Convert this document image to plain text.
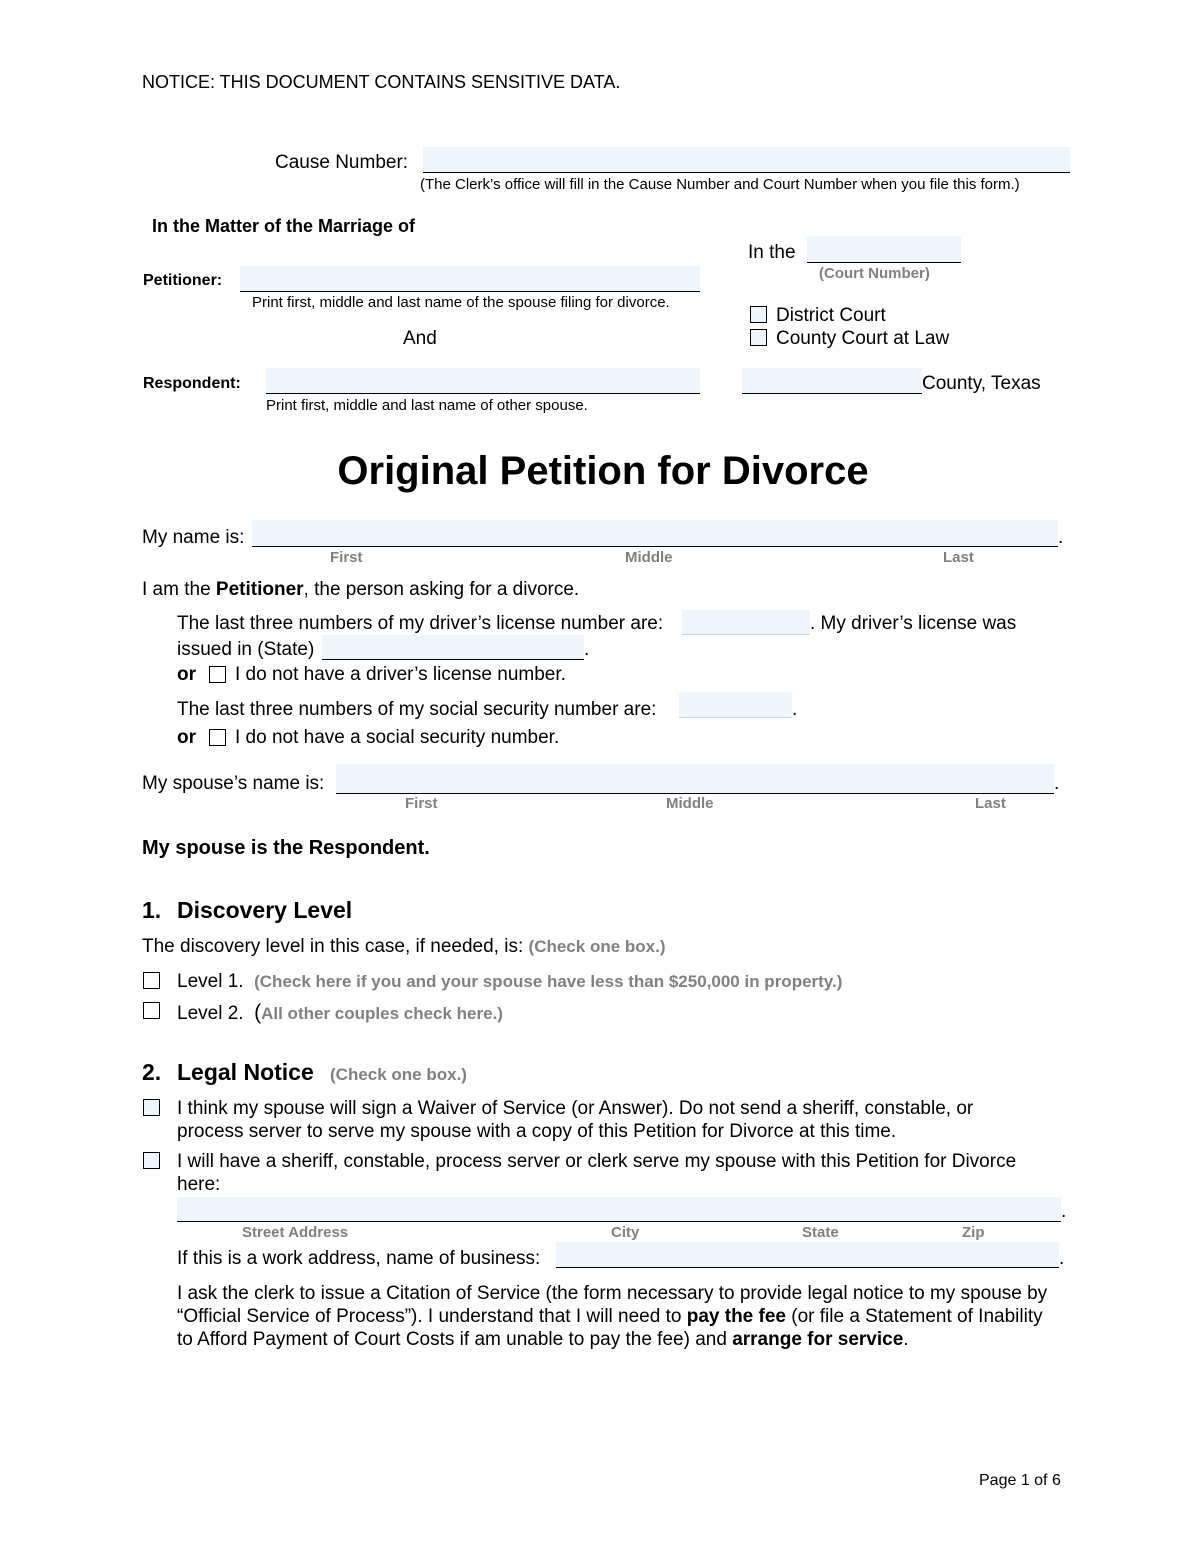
NOTICE: THIS DOCUMENT CONTAINS SENSITIVE DATA.
Cause Number:
(The Clerk’s office will fill in the Cause Number and Court Number when you file this form.)
In the Matter of the Marriage of
Petitioner:
Print first, middle and last name of the spouse filing for divorce.
And
Respondent:
Print first, middle and last name of other spouse.
In the
(Court Number)
District Court
County Court at Law
County, Texas
Original Petition for Divorce
My name is:	.
First	Middle	Last
I am the Petitioner, the person asking for a divorce.
The last three numbers of my driver’s license number are:	. My driver’s license was
issued in (State)	.
or I do not have a driver’s license number.
The last three numbers of my social security number are:	.
or I do not have a social security number.
My spouse’s name is:	.
First	Middle	Last
My spouse is the Respondent.
1. Discovery Level
The discovery level in this case, if needed, is: (Check one box.)
Level 1. (Check here if you and your spouse have less than $250,000 in property.)
Level 2. (All other couples check here.)
2. Legal Notice (Check one box.)
I think my spouse will sign a Waiver of Service (or Answer). Do not send a sheriff, constable, or
process server to serve my spouse with a copy of this Petition for Divorce at this time.
I will have a sheriff, constable, process server or clerk serve my spouse with this Petition for Divorce
here:
.
Street Address	City	State	Zip
If this is a work address, name of business:	.
I ask the clerk to issue a Citation of Service (the form necessary to provide legal notice to my spouse by
“Official Service of Process”). I understand that I will need to pay the fee (or file a Statement of Inability
to Afford Payment of Court Costs if am unable to pay the fee) and arrange for service.
Page 1 of 6
